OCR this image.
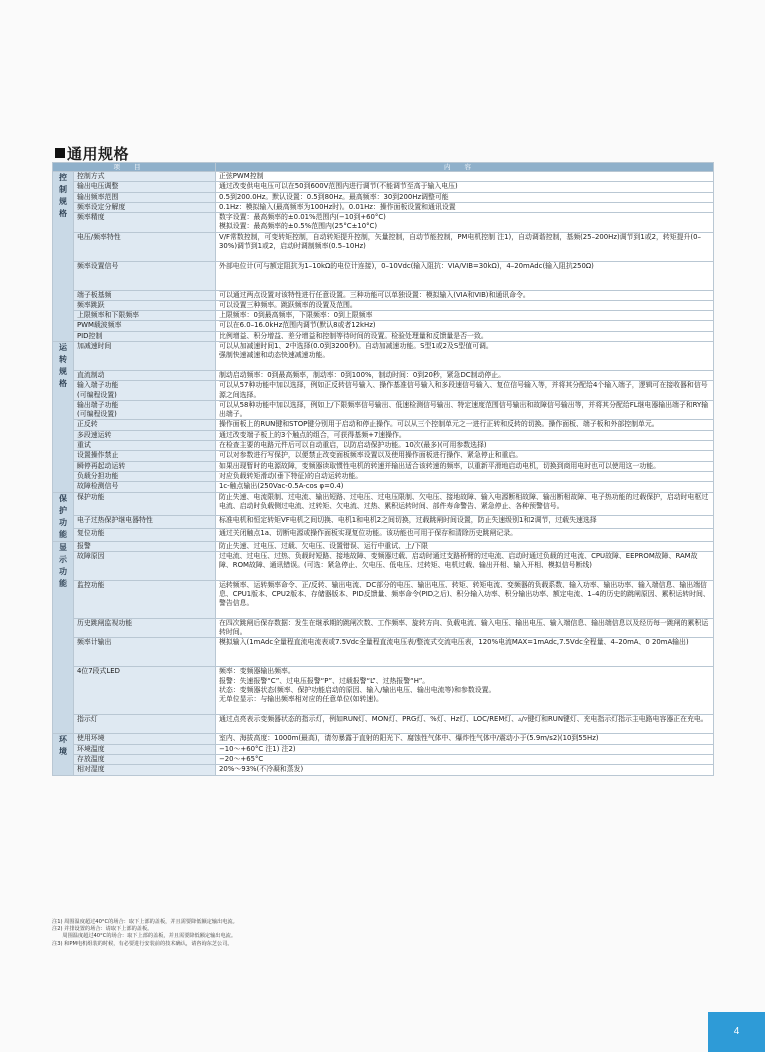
通用规格
项目		内容
控制规格	控制方式	正弦PWM控制
	输出电压调整	通过改变供电电压可以在50到600V范围内进行调节(不能调节至高于输入电压)
	输出频率范围	0.5到200.0Hz。默认设置：0.5到80Hz。最高频率：30到200Hz调整可能
	频率设定分解度	0.1Hz：模拟输入(最高频率为100Hz时)。0.01Hz：操作面板设置和通讯设置
	频率精度	数字设置：最高频率的±0.01%范围内(−10到+60°C)
模拟设置：最高频率的±0.5%范围内(25°C±10°C)
	电压/频率特性	V/F常数控制，可变转矩控制，自动转矩提升控制，矢量控制，自动节能控制，PM电机控制 注1)，自动调谐控制，基频(25–200Hz)调节到1或2，转矩提升(0–30%)调节到1或2，启动时调制频率(0.5–10Hz)
	频率设置信号	外部电位计(可与额定阻抗为1–10kΩ的电位计连接)，0–10Vdc(输入阻抗：VIA/VIB=30kΩ)，4–20mAdc(输入阻抗250Ω)
	端子板基频	可以通过两点设置对该特性进行任意设置。三种功能可以单独设置：模拟输入(VIA和VIB)和通讯命令。
	频率跳跃	可以设置三种频率。跳跃频率的设置及范围。
	上限频率和下限频率	上限频率：0到最高频率，下限频率：0到上限频率
	PWM载波频率	可以在6.0–16.0kHz范围内调节(默认8或者12kHz)
	PID控制	比例增益、积分增益、差分增益和控制等待时间的设置。检验处理量和反馈量是否一致。
运转规格	加减速时间	可以从加减速时间1、2中选择(0.0到3200秒)。自动加减速功能。S型1或2及S型值可调。
强制快速减速和动态快速减速功能。
	直流制动	制动启动频率：0到最高频率，制动率：0到100%，制动时间：0到20秒，紧急DC制动停止。
	输入端子功能
(可编程设置)	可以从57种功能中加以选择，例如正反转信号输入、操作基准信号输入和多段速信号输入、复位信号输入等，并将其分配给4个输入端子，逻辑可在接收器和信号源之间选择。
	输出端子功能
(可编程设置)	可以从58种功能中加以选择，例如上/下限频率信号输出、低速检测信号输出、特定速度范围信号输出和故障信号输出等，并将其分配给FL继电器输出端子和RY输出端子。
	正反转	操作面板上的RUN键和STOP键分别用于启动和停止操作。可以从三个控制单元之一进行正转和反转的切换。操作面板、端子板和外部控制单元。
	多段速运转	通过改变端子板上的3个触点的组合，可获得基频+7速操作。
	重试	在检查主要的电路元件后可以自动重启，以防启动保护功能。10次(最多)(可用参数选择)
	设置操作禁止	可以对参数进行写保护，以便禁止改变面板频率设置以及使用操作面板进行操作、紧急停止和重启。
	瞬停再起动运转	如果出现暂时的电源故障，变频器读取惯性电机的转速并输出适合该转速的频率，以重新平滑地启动电机，切换到商用电时也可以使用这一功能。
	负载分担功能	对应负载转矩滑动(垂下特征)的自动运转功能。
	故障检测信号	1c-触点输出(250Vac-0.5A-cos φ=0.4)
保护功能	保护功能	防止失速、电流限制、过电流、输出短路、过电压、过电压限制、欠电压、接地故障、输入电源断相故障、输出断相故障、电子热功能的过载保护，启动时电枢过电流、启动时负载侧过电流、过转矩、欠电流、过热、累积运转时间、部件寿命警告、紧急停止、各种预警信号。
	电子过热保护继电器特性	标准电机和恒定转矩VF电机之间切换、电机1和电机2之间切换，过载跳闸时间设置，防止失速级别1和2调节，过载失速选择
	复位功能	通过关闭触点1a、切断电源或操作面板实现复位功能。该功能也可用于保存和清除历史跳闸记录。
显示功能	报警	防止失速、过电压、过载、欠电压、设置错误、运行中重试、上/下限
	故障原因	过电流、过电压、过热、负载时短路、接地故障、变频器过载、启动时通过支路桥臂的过电流、启动时通过负载的过电流、CPU故障、EEPROM故障、RAM故障、ROM故障、通讯错误。(可选：紧急停止、欠电压、低电压、过转矩、电机过载、输出开相、输入开相、模拟信号断线)
	监控功能	运转频率、运转频率命令、正/反转、输出电流、DC部分的电压、输出电压、转矩、转矩电流、变频器的负载系数、输入功率、输出功率、输入端信息、输出端信息、CPU1版本、CPU2版本、存储器版本、PID反馈量、频率命令(PID之后)、积分输入功率、积分输出功率、额定电流、1–4的历史的跳闸原因、累积运转时间、警告信息。
	历史跳闸监视功能	在四次跳闸后保存数据：发生在继承期的跳闸次数、工作频率、旋转方向、负载电流、输入电压、输出电压、输入端信息、输出端信息以及经历每一跳闸的累积运转时间。
	频率计输出	模拟输入(1mAdc全量程直流电流表或7.5Vdc全量程直流电压表/整流式交流电压表，120%电流MAX=1mAdc,7.5Vdc全程量、4–20mA、0 20mA输出)
	4位7段式LED	频率：变频器输出频率。
报警：失速报警“C”、过电压报警“P”、过载报警“L”、过热报警“H”。
状态：变频器状态(频率、保护功能启动的原因、输入/输出电压、输出电流等)和参数设置。
无单位显示：与输出频率相对应的任意单位(如转速)。
	指示灯	通过点亮表示变频器状态的指示灯，例如RUN灯、MON灯、PRG灯、%灯、Hz灯、LOC/REM灯、▵/▿键灯和RUN键灯、充电指示灯指示主电路电容器正在充电。
环境	使用环境	室内、海拔高度：1000m(最高)，请勿暴露于直射的阳光下、腐蚀性气体中、爆炸性气体中/震动小于(5.9m/s2)(10到55Hz)
	环境温度	−10～+60°C 注1) 注2)
	存放温度	−20～+65°C
	相对湿度	20%～93%(不冷凝和蒸发)
注1) 周围温度超过40°C的场合：取下上部的盖板，并且需要降低额定输出电流。
注2) 并排设置的场合：请取下上部的盖板。
　　周围温度超过40°C的场合：取下上部的盖板，并且需要降低额定输出电流。
注3) 和PM电机组装的时候，有必要进行安装前的技术确认，请咨询东芝公司。
4
